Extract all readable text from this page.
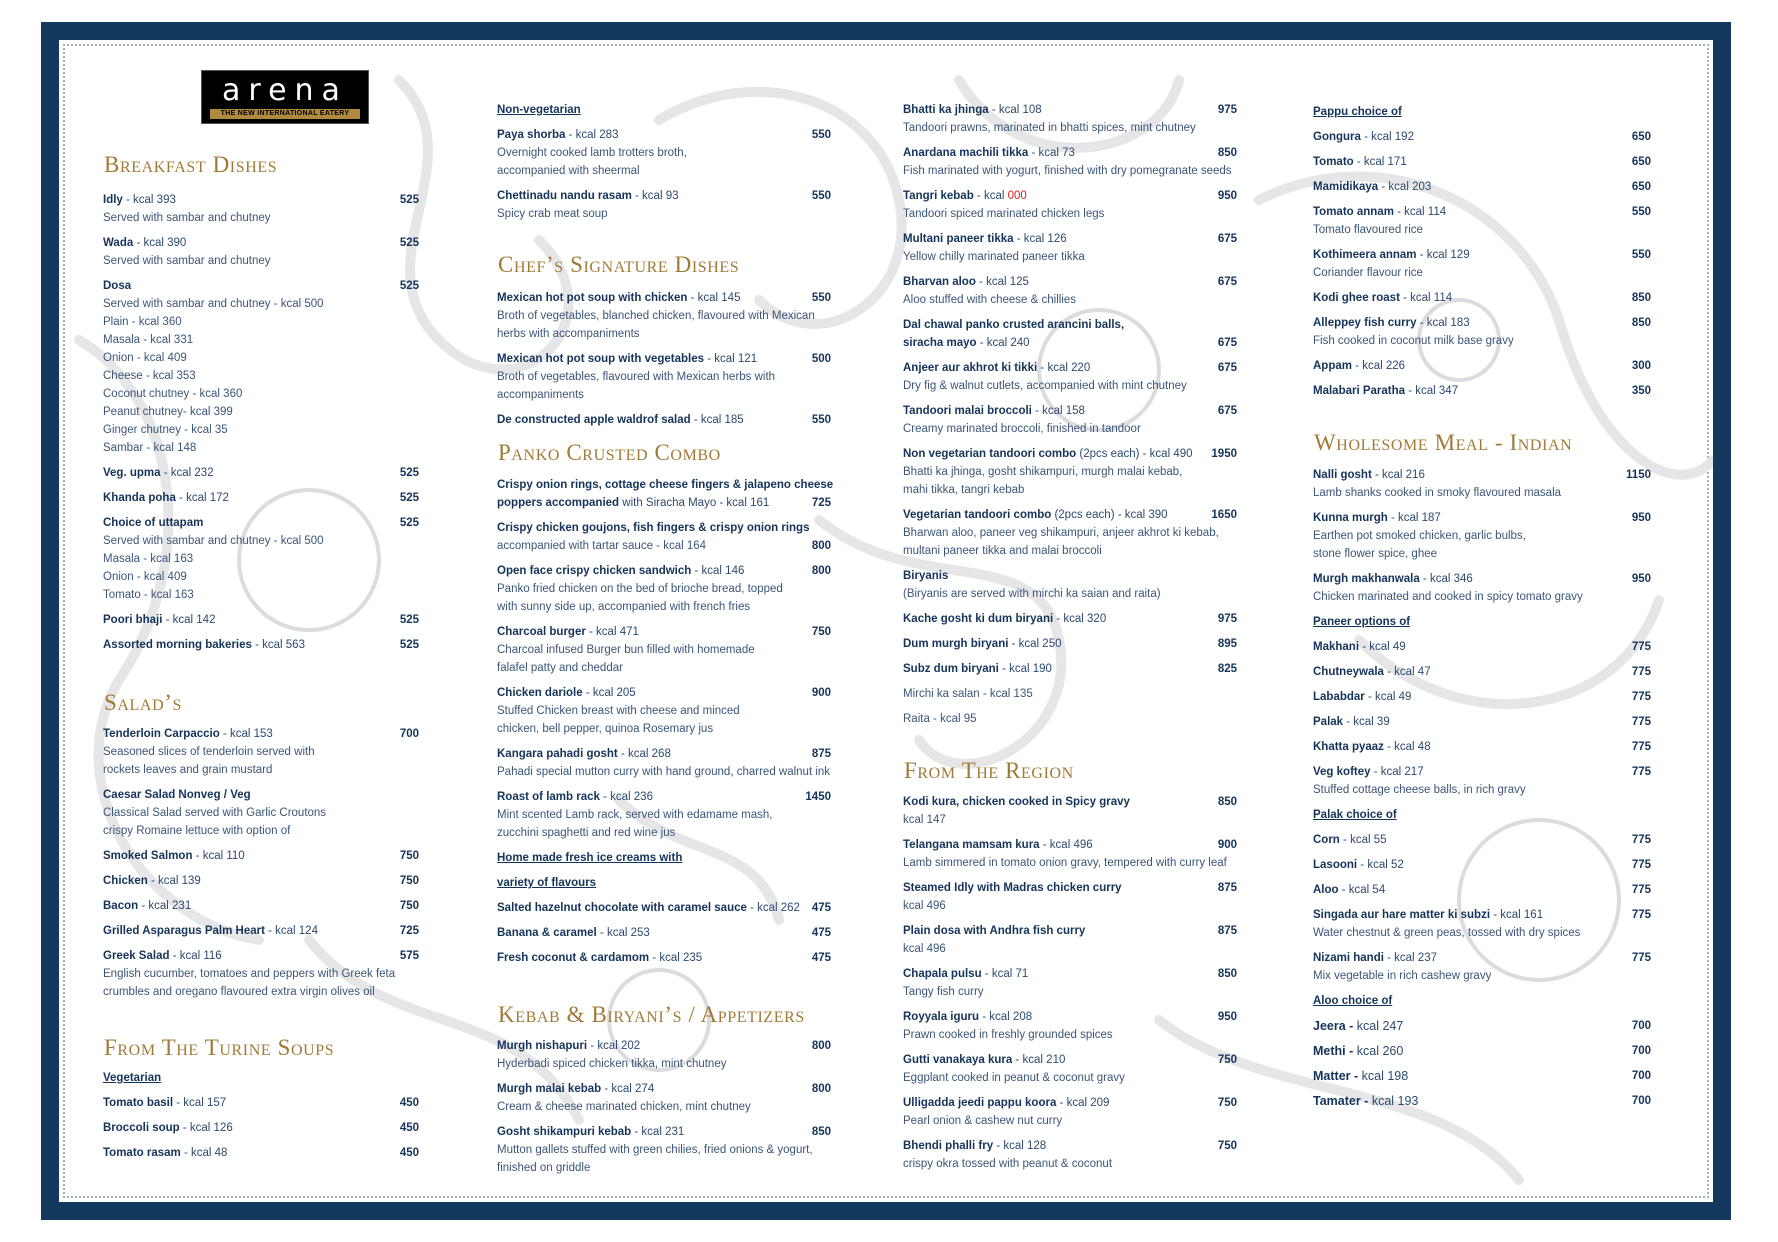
arena
THE NEW INTERNATIONAL EATERY
Breakfast Dishes
Idly - kcal 393	525
Served with sambar and chutney
Wada - kcal 390	525
Served with sambar and chutney
Dosa	525
Served with sambar and chutney - kcal 500
Plain - kcal 360
Masala - kcal 331
Onion - kcal 409
Cheese - kcal 353
Coconut chutney - kcal 360
Peanut chutney- kcal 399
Ginger chutney - kcal 35
Sambar - kcal 148
Veg. upma - kcal 232	525
Khanda poha - kcal 172	525
Choice of uttapam	525
Served with sambar and chutney - kcal 500
Masala - kcal 163
Onion - kcal 409
Tomato - kcal 163
Poori bhaji - kcal 142	525
Assorted morning bakeries - kcal 563	525
Salad’s
Tenderloin Carpaccio - kcal 153	700
Seasoned slices of tenderloin served with
rockets leaves and grain mustard
Caesar Salad Nonveg / Veg
Classical Salad served with Garlic Croutons
crispy Romaine lettuce with option of
Smoked Salmon - kcal 110	750
Chicken - kcal 139	750
Bacon - kcal 231	750
Grilled Asparagus Palm Heart - kcal 124	725
Greek Salad - kcal 116	575
English cucumber, tomatoes and peppers with Greek feta
crumbles and oregano flavoured extra virgin olives oil
From The Turine Soups
Vegetarian
Tomato basil - kcal 157	450
Broccoli soup - kcal 126	450
Tomato rasam - kcal 48	450
Non-vegetarian
Paya shorba - kcal 283	550
Overnight cooked lamb trotters broth,
accompanied with sheermal
Chettinadu nandu rasam - kcal 93	550
Spicy crab meat soup
Chef’s Signature Dishes
Mexican hot pot soup with chicken - kcal 145	550
Broth of vegetables, blanched chicken, flavoured with Mexican
herbs with accompaniments
Mexican hot pot soup with vegetables - kcal 121	500
Broth of vegetables, flavoured with Mexican herbs with
accompaniments
De constructed apple waldrof salad - kcal 185	550
Panko Crusted Combo
Crispy onion rings, cottage cheese fingers & jalapeno cheese
poppers accompanied with Siracha Mayo - kcal 161	725
Crispy chicken goujons, fish fingers & crispy onion rings
accompanied with tartar sauce - kcal 164	800
Open face crispy chicken sandwich - kcal 146	800
Panko fried chicken on the bed of brioche bread, topped
with sunny side up, accompanied with french fries
Charcoal burger - kcal 471	750
Charcoal infused Burger bun filled with homemade
falafel patty and cheddar
Chicken dariole - kcal 205	900
Stuffed Chicken breast with cheese and minced
chicken, bell pepper, quinoa Rosemary jus
Kangara pahadi gosht - kcal 268	875
Pahadi special mutton curry with hand ground, charred walnut ink
Roast of lamb rack - kcal 236	1450
Mint scented Lamb rack, served with edamame mash,
zucchini spaghetti and red wine jus
Home made fresh ice creams with
variety of flavours
Salted hazelnut chocolate with caramel sauce - kcal 262	475
Banana & caramel - kcal 253	475
Fresh coconut & cardamom - kcal 235	475
Kebab & Biryani’s / Appetizers
Murgh nishapuri - kcal 202	800
Hyderbadi spiced chicken tikka, mint chutney
Murgh malai kebab - kcal 274	800
Cream & cheese marinated chicken, mint chutney
Gosht shikampuri kebab - kcal 231	850
Mutton gallets stuffed with green chilies, fried onions & yogurt,
finished on griddle
Bhatti ka jhinga - kcal 108	975
Tandoori prawns, marinated in bhatti spices, mint chutney
Anardana machili tikka - kcal 73	850
Fish marinated with yogurt, finished with dry pomegranate seeds
Tangri kebab - kcal 000	950
Tandoori spiced marinated chicken legs
Multani paneer tikka - kcal 126	675
Yellow chilly marinated paneer tikka
Bharvan aloo - kcal 125	675
Aloo stuffed with cheese & chillies
Dal chawal panko crusted arancini balls,
siracha mayo - kcal 240	675
Anjeer aur akhrot ki tikki - kcal 220	675
Dry fig & walnut cutlets, accompanied with mint chutney
Tandoori malai broccoli - kcal 158	675
Creamy marinated broccoli, finished in tandoor
Non vegetarian tandoori combo (2pcs each) - kcal 490	1950
Bhatti ka jhinga, gosht shikampuri, murgh malai kebab,
mahi tikka, tangri kebab
Vegetarian tandoori combo (2pcs each) - kcal 390	1650
Bharwan aloo, paneer veg shikampuri, anjeer akhrot ki kebab,
multani paneer tikka and malai broccoli
Biryanis
(Biryanis are served with mirchi ka saian and raita)
Kache gosht ki dum biryani - kcal 320	975
Dum murgh biryani - kcal 250	895
Subz dum biryani - kcal 190	825
Mirchi ka salan - kcal 135
Raita - kcal 95
From The Region
Kodi kura, chicken cooked in Spicy gravy	850
kcal 147
Telangana mamsam kura - kcal 496	900
Lamb simmered in tomato onion gravy, tempered with curry leaf
Steamed Idly with Madras chicken curry	875
kcal 496
Plain dosa with Andhra fish curry	875
kcal 496
Chapala pulsu - kcal 71	850
Tangy fish curry
Royyala iguru - kcal 208	950
Prawn cooked in freshly grounded spices
Gutti vanakaya kura - kcal 210	750
Eggplant cooked in peanut & coconut gravy
Ulligadda jeedi pappu koora - kcal 209	750
Pearl onion & cashew nut curry
Bhendi phalli fry - kcal 128	750
crispy okra tossed with peanut & coconut
Pappu choice of
Gongura - kcal 192	650
Tomato - kcal 171	650
Mamidikaya - kcal 203	650
Tomato annam - kcal 114	550
Tomato flavoured rice
Kothimeera annam - kcal 129	550
Coriander flavour rice
Kodi ghee roast - kcal 114	850
Alleppey fish curry - kcal 183	850
Fish cooked in coconut milk base gravy
Appam - kcal 226	300
Malabari Paratha - kcal 347	350
Wholesome Meal - Indian
Nalli gosht - kcal 216	1150
Lamb shanks cooked in smoky flavoured masala
Kunna murgh - kcal 187	950
Earthen pot smoked chicken, garlic bulbs,
stone flower spice, ghee
Murgh makhanwala - kcal 346	950
Chicken marinated and cooked in spicy tomato gravy
Paneer options of
Makhani - kcal 49	775
Chutneywala - kcal 47	775
Lababdar - kcal 49	775
Palak - kcal 39	775
Khatta pyaaz - kcal 48	775
Veg koftey - kcal 217	775
Stuffed cottage cheese balls, in rich gravy
Palak choice of
Corn - kcal 55	775
Lasooni - kcal 52	775
Aloo - kcal 54	775
Singada aur hare matter ki subzi - kcal 161	775
Water chestnut & green peas, tossed with dry spices
Nizami handi - kcal 237	775
Mix vegetable in rich cashew gravy
Aloo choice of
Jeera - kcal 247	700
Methi - kcal 260	700
Matter - kcal 198	700
Tamater - kcal 193	700
